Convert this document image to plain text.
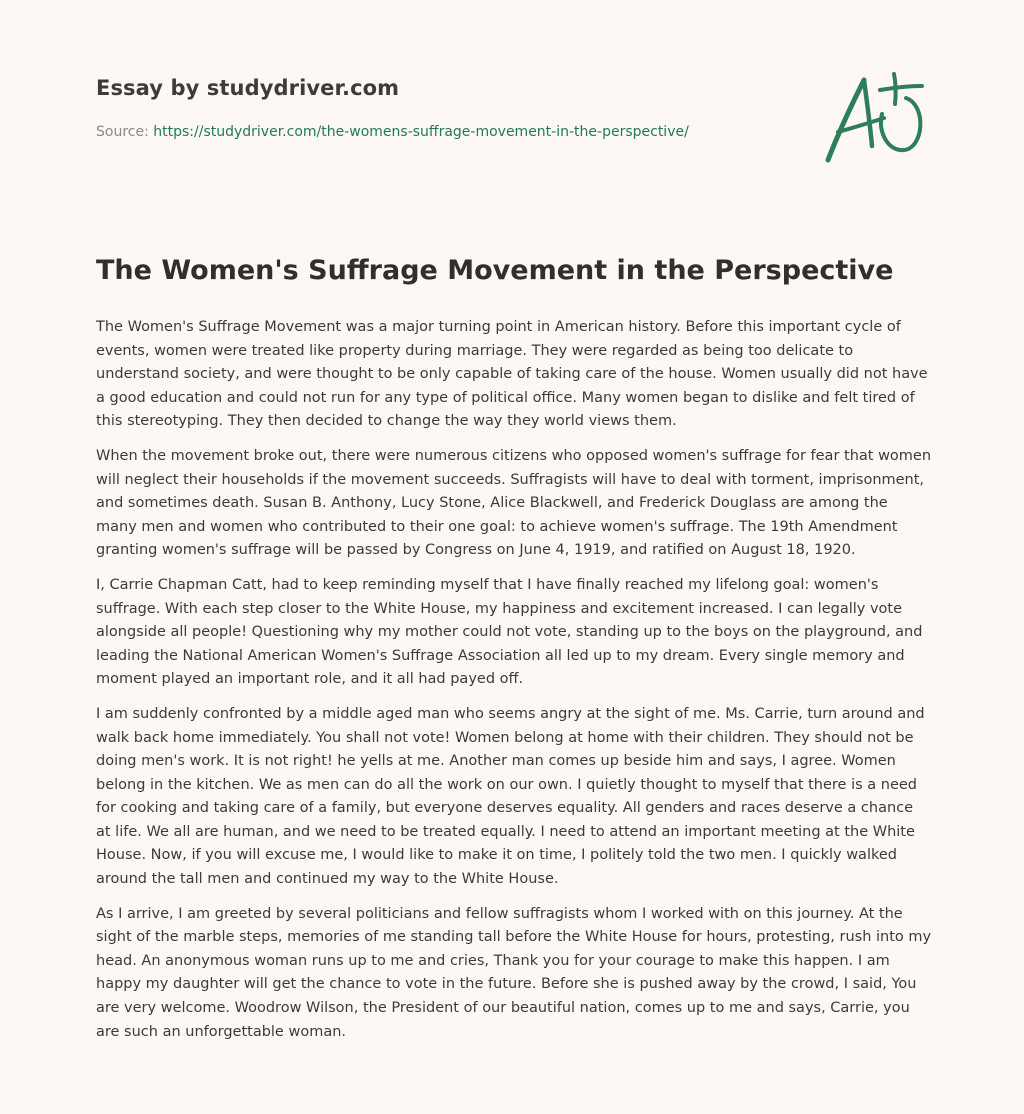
Essay by studydriver.com

Source: https://studydriver.com/the-womens-suffrage-movement-in-the-perspective/

The Women's Suffrage Movement in the Perspective

The Women's Suffrage Movement was a major turning point in American history. Before this important cycle of events, women were treated like property during marriage. They were regarded as being too delicate to understand society, and were thought to be only capable of taking care of the house. Women usually did not have a good education and could not run for any type of political office. Many women began to dislike and felt tired of this stereotyping. They then decided to change the way they world views them.

When the movement broke out, there were numerous citizens who opposed women's suffrage for fear that women will neglect their households if the movement succeeds. Suffragists will have to deal with torment, imprisonment, and sometimes death. Susan B. Anthony, Lucy Stone, Alice Blackwell, and Frederick Douglass are among the many men and women who contributed to their one goal: to achieve women's suffrage. The 19th Amendment granting women's suffrage will be passed by Congress on June 4, 1919, and ratified on August 18, 1920.

I, Carrie Chapman Catt, had to keep reminding myself that I have finally reached my lifelong goal: women's suffrage. With each step closer to the White House, my happiness and excitement increased. I can legally vote alongside all people! Questioning why my mother could not vote, standing up to the boys on the playground, and leading the National American Women's Suffrage Association all led up to my dream. Every single memory and moment played an important role, and it all had payed off.

I am suddenly confronted by a middle aged man who seems angry at the sight of me. Ms. Carrie, turn around and walk back home immediately. You shall not vote! Women belong at home with their children. They should not be doing men's work. It is not right! he yells at me. Another man comes up beside him and says, I agree. Women belong in the kitchen. We as men can do all the work on our own. I quietly thought to myself that there is a need for cooking and taking care of a family, but everyone deserves equality. All genders and races deserve a chance at life. We all are human, and we need to be treated equally. I need to attend an important meeting at the White House. Now, if you will excuse me, I would like to make it on time, I politely told the two men. I quickly walked around the tall men and continued my way to the White House.

As I arrive, I am greeted by several politicians and fellow suffragists whom I worked with on this journey. At the sight of the marble steps, memories of me standing tall before the White House for hours, protesting, rush into my head. An anonymous woman runs up to me and cries, Thank you for your courage to make this happen. I am happy my daughter will get the chance to vote in the future. Before she is pushed away by the crowd, I said, You are very welcome. Woodrow Wilson, the President of our beautiful nation, comes up to me and says, Carrie, you are such an unforgettable woman.
